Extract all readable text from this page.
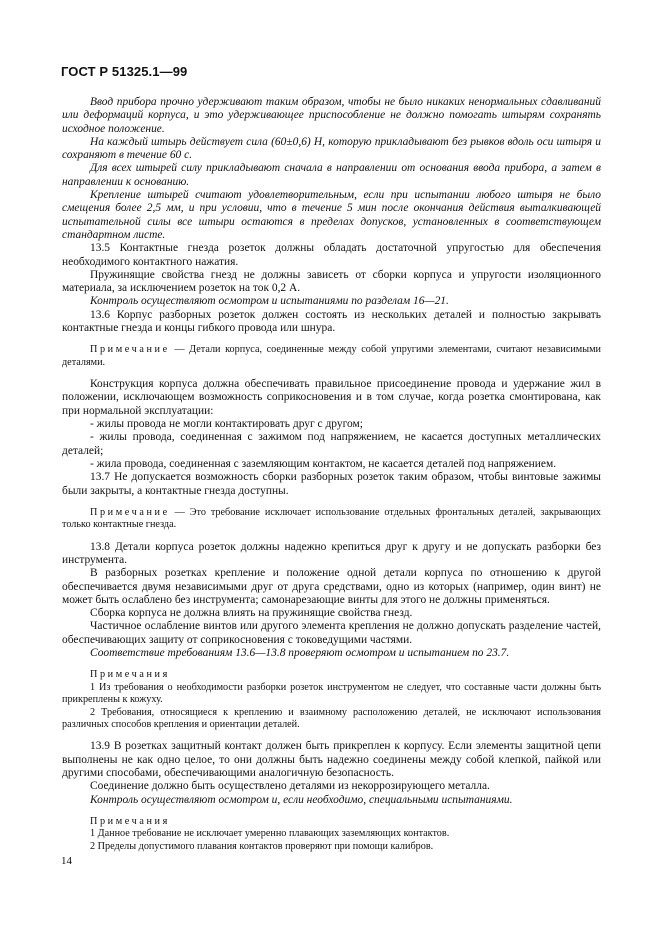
ГОСТ Р 51325.1—99

Ввод прибора прочно удерживают таким образом, чтобы не было никаких ненормальных сдавливаний или деформаций корпуса, и это удерживающее приспособление не должно помогать штырям сохранять исходное положение.

На каждый штырь действует сила (60±0,6) Н, которую прикладывают без рывков вдоль оси штыря и сохраняют в течение 60 с.

Для всех штырей силу прикладывают сначала в направлении от основания ввода прибора, а затем в направлении к основанию.

Крепление штырей считают удовлетворительным, если при испытании любого штыря не было смещения более 2,5 мм, и при условии, что в течение 5 мин после окончания действия выталкивающей испытательной силы все штыри остаются в пределах допусков, установленных в соответствующем стандартном листе.

13.5 Контактные гнезда розеток должны обладать достаточной упругостью для обеспечения необходимого контактного нажатия.

Пружинящие свойства гнезд не должны зависеть от сборки корпуса и упругости изоляционного материала, за исключением розеток на ток 0,2 А.

Контроль осуществляют осмотром и испытаниями по разделам 16—21.

13.6 Корпус разборных розеток должен состоять из нескольких деталей и полностью закрывать контактные гнезда и концы гибкого провода или шнура.

Примечание — Детали корпуса, соединенные между собой упругими элементами, считают независимыми деталями.

Конструкция корпуса должна обеспечивать правильное присоединение провода и удержание жил в положении, исключающем возможность соприкосновения и в том случае, когда розетка смонтирована, как при нормальной эксплуатации:

- жилы провода не могли контактировать друг с другом;

- жилы провода, соединенная с зажимом под напряжением, не касается доступных металлических деталей;

- жила провода, соединенная с заземляющим контактом, не касается деталей под напряжением.

13.7 Не допускается возможность сборки разборных розеток таким образом, чтобы винтовые зажимы были закрыты, а контактные гнезда доступны.

Примечание — Это требование исключает использование отдельных фронтальных деталей, закрывающих только контактные гнезда.

13.8 Детали корпуса розеток должны надежно крепиться друг к другу и не допускать разборки без инструмента.

В разборных розетках крепление и положение одной детали корпуса по отношению к другой обеспечивается двумя независимыми друг от друга средствами, одно из которых (например, один винт) не может быть ослаблено без инструмента; самонарезающие винты для этого не должны применяться.

Сборка корпуса не должна влиять на пружинящие свойства гнезд.

Частичное ослабление винтов или другого элемента крепления не должно допускать разделение частей, обеспечивающих защиту от соприкосновения с токоведущими частями.

Соответствие требованиям 13.6—13.8 проверяют осмотром и испытанием по 23.7.

Примечания

1 Из требования о необходимости разборки розеток инструментом не следует, что составные части должны быть прикреплены к кожуху.

2 Требования, относящиеся к креплению и взаимному расположению деталей, не исключают использования различных способов крепления и ориентации деталей.

13.9 В розетках защитный контакт должен быть прикреплен к корпусу. Если элементы защитной цепи выполнены не как одно целое, то они должны быть надежно соединены между собой клепкой, пайкой или другими способами, обеспечивающими аналогичную безопасность.

Соединение должно быть осуществлено деталями из некоррозирующего металла.

Контроль осуществляют осмотром и, если необходимо, специальными испытаниями.

Примечания

1 Данное требование не исключает умеренно плавающих заземляющих контактов.

2 Пределы допустимого плавания контактов проверяют при помощи калибров.

14
